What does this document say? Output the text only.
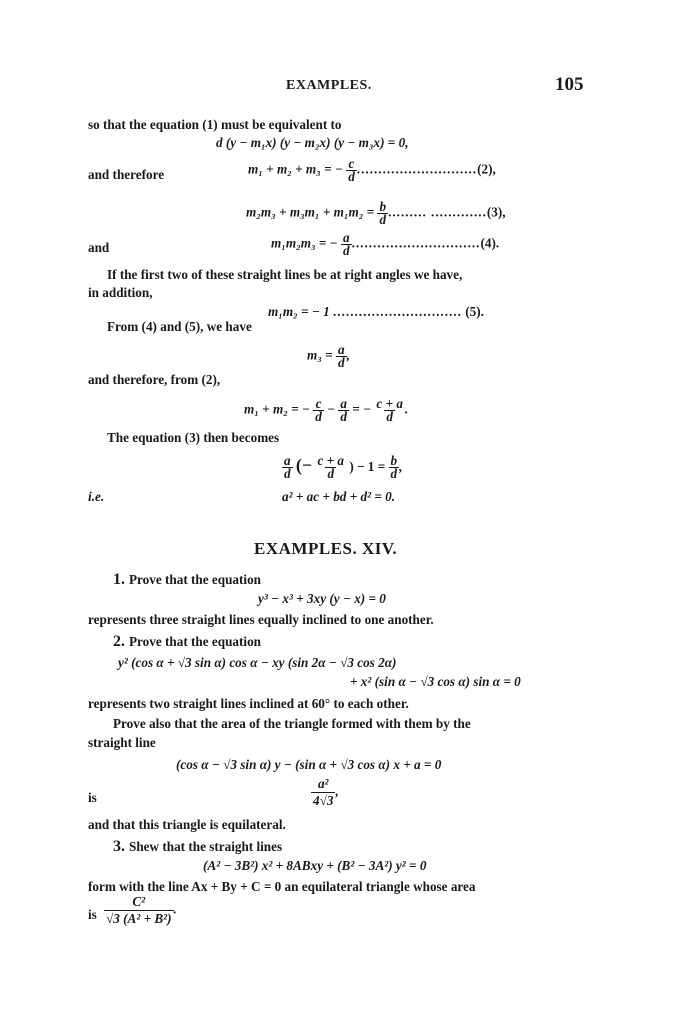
EXAMPLES.	105
so that the equation (1) must be equivalent to
d (y − m₁x) (y − m₂x) (y − m₃x) = 0,
and therefore	m₁ + m₂ + m₃ = − $\frac{c}{d} ............................(2)$,
$m_2m_3 + m_3m_1 + m_1m_2 = \frac{b}{d}$ ......... .............(3),
and	m₁m₂m₃ = − $\frac{a}{d} ..............................(4)$.
If the first two of these straight lines be at right angles we have,
in addition,
m₁m₂ = − 1 .............................. (5).
From (4) and (5), we have
$m_3 = \frac{a}{d}$ ,
and therefore, from (2),
m₁ + m₂ = − $\frac{c}{d} - \frac{a}{d}$ = − $\frac{c + a}{d}$ .
The equation (3) then becomes
$\frac{a}{d}$ (− $\frac{c + a}{d}$ ) − $1 = \frac{b}{d}$ ,
i.e.	a² + ac + bd + d² = 0.
EXAMPLES. XIV.
1. Prove that the equation
y³ − x³ + 3xy (y − x) = 0
represents three straight lines equally inclined to one another.
2. Prove that the equation
y² (cos α + √3 sin α) cos α − xy (sin 2α − √3 cos 2α)
+ x² (sin α − √3 cos α) sin α = 0
represents two straight lines inclined at 60° to each other.
Prove also that the area of the triangle formed with them by the
straight line
(cos α − √3 sin α) y − (sin α + √3 cos α) x + a = 0
is	$\frac{\text{a²}}{4√3}$ ,
and that this triangle is equilateral.
3. Shew that the straight lines
(A² − 3B²) x² + 8ABxy + (B² − 3A²) y² = 0
form with the line Ax + By + C = 0 an equilateral triangle whose area
is $\frac{\text{C²}}{\text{√3 (A² + B²)}}$ .
